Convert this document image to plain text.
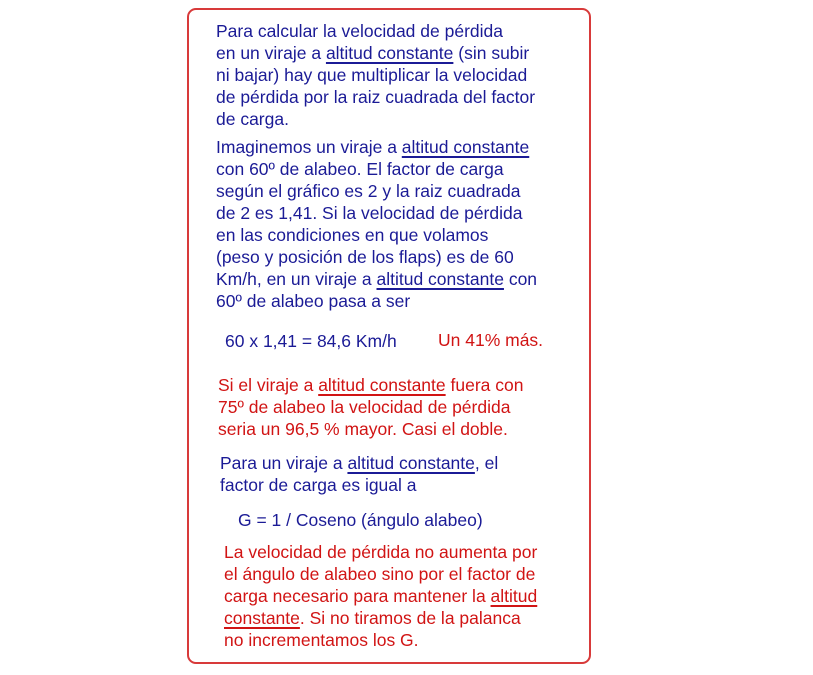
Para calcular la velocidad de pérdida
en un viraje a altitud constante (sin subir
ni bajar) hay que multiplicar la velocidad
de pérdida por la raiz cuadrada del factor
de carga.
Imaginemos un viraje a altitud constante
con 60º de alabeo. El factor de carga
según el gráfico es 2 y la raiz cuadrada
de 2 es 1,41. Si la velocidad de pérdida
en las condiciones en que volamos
(peso y posición de los flaps) es de 60
Km/h, en un viraje a altitud constante con
60º de alabeo pasa a ser
60 x 1,41 = 84,6 Km/h Un 41% más.
Si el viraje a altitud constante fuera con
75º de alabeo la velocidad de pérdida
seria un 96,5 % mayor. Casi el doble.
Para un viraje a altitud constante, el
factor de carga es igual a
G = 1 / Coseno (ángulo alabeo)
La velocidad de pérdida no aumenta por
el ángulo de alabeo sino por el factor de
carga necesario para mantener la altitud
constante. Si no tiramos de la palanca
no incrementamos los G.
